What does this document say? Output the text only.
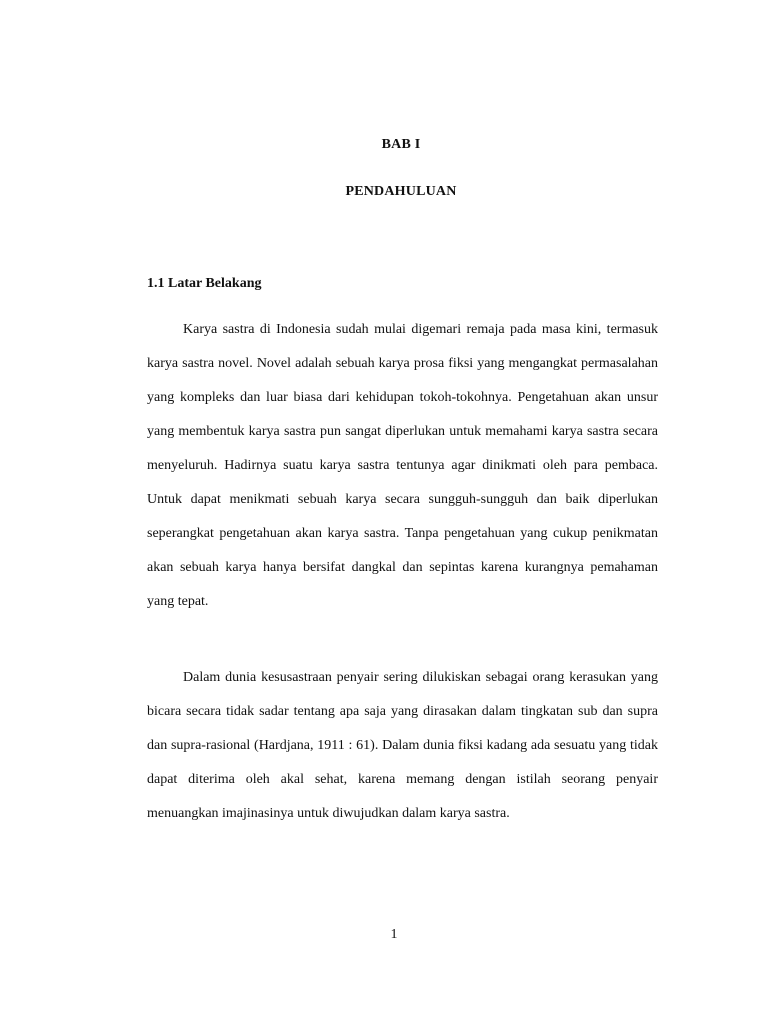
BAB I
PENDAHULUAN
1.1 Latar Belakang

Karya sastra di Indonesia sudah mulai digemari remaja pada masa kini, termasuk karya sastra novel. Novel adalah sebuah karya prosa fiksi yang mengangkat permasalahan yang kompleks dan luar biasa dari kehidupan tokoh-tokohnya. Pengetahuan akan unsur yang membentuk karya sastra pun sangat diperlukan untuk memahami karya sastra secara menyeluruh. Hadirnya suatu karya sastra tentunya agar dinikmati oleh para pembaca. Untuk dapat menikmati sebuah karya secara sungguh-sungguh dan baik diperlukan seperangkat pengetahuan akan karya sastra. Tanpa pengetahuan yang cukup penikmatan akan sebuah karya hanya bersifat dangkal dan sepintas karena kurangnya pemahaman yang tepat.

Dalam dunia kesusastraan penyair sering dilukiskan sebagai orang kerasukan yang bicara secara tidak sadar tentang apa saja yang dirasakan dalam tingkatan sub dan supra dan supra-rasional (Hardjana, 1911 : 61). Dalam dunia fiksi kadang ada sesuatu yang tidak dapat diterima oleh akal sehat, karena memang dengan istilah seorang penyair menuangkan imajinasinya untuk diwujudkan dalam karya sastra.

1
